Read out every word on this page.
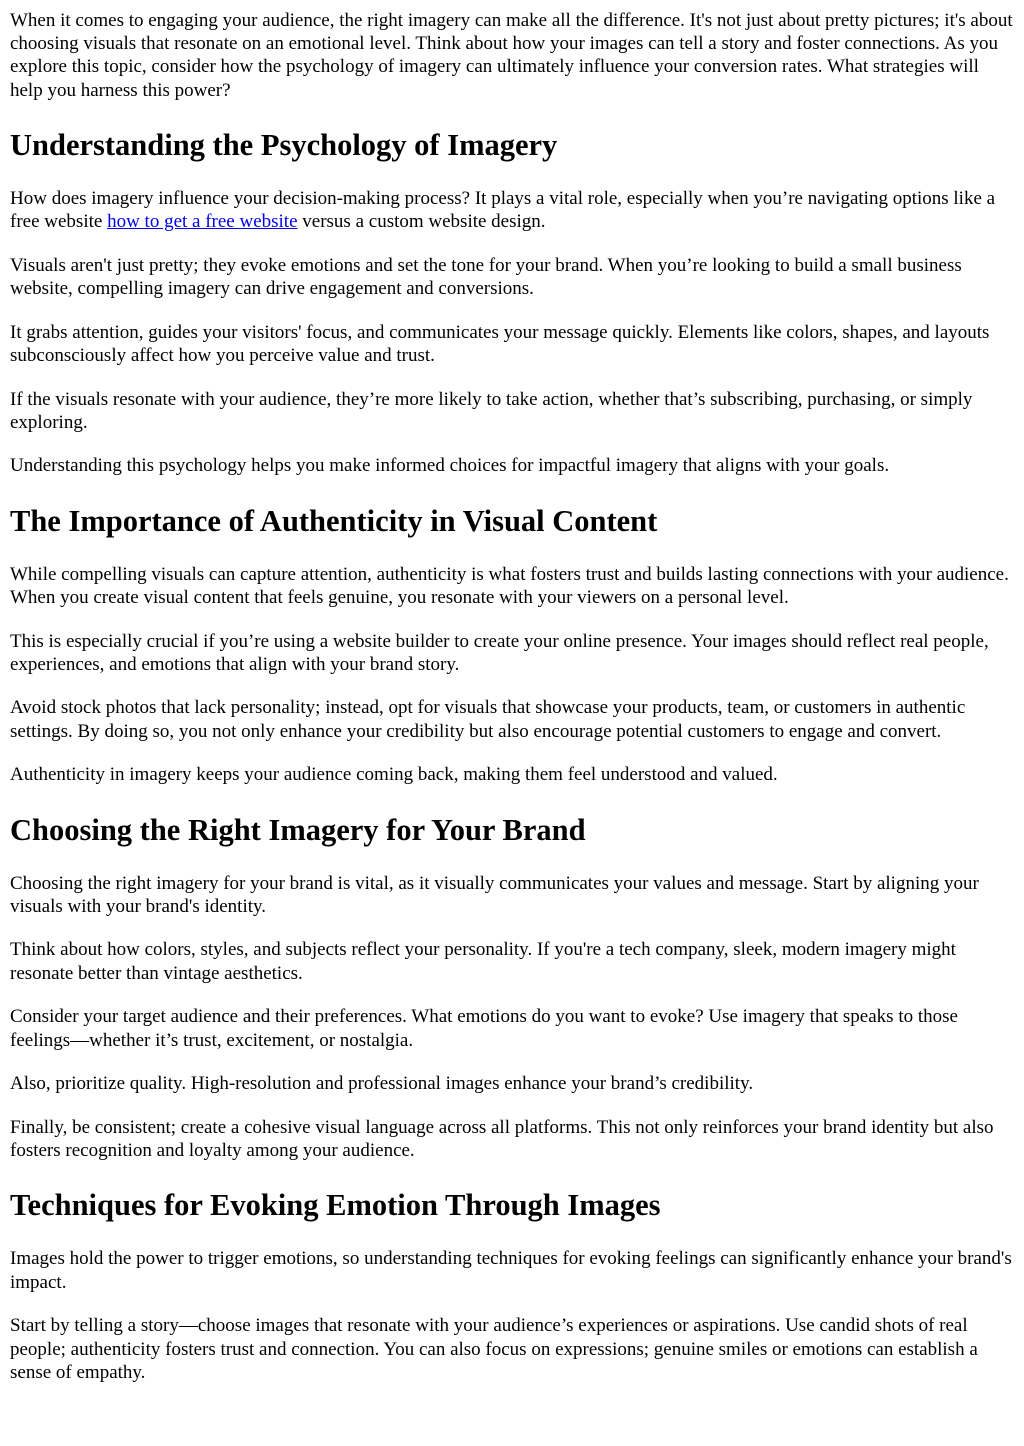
When it comes to engaging your audience, the right imagery can make all the difference. It's not just about pretty pictures; it's about choosing visuals that resonate on an emotional level. Think about how your images can tell a story and foster connections. As you explore this topic, consider how the psychology of imagery can ultimately influence your conversion rates. What strategies will help you harness this power?

Understanding the Psychology of Imagery

How does imagery influence your decision-making process? It plays a vital role, especially when you’re navigating options like a free website how to get a free website versus a custom website design.

Visuals aren't just pretty; they evoke emotions and set the tone for your brand. When you’re looking to build a small business website, compelling imagery can drive engagement and conversions.

It grabs attention, guides your visitors' focus, and communicates your message quickly. Elements like colors, shapes, and layouts subconsciously affect how you perceive value and trust.

If the visuals resonate with your audience, they’re more likely to take action, whether that’s subscribing, purchasing, or simply exploring.

Understanding this psychology helps you make informed choices for impactful imagery that aligns with your goals.

The Importance of Authenticity in Visual Content

While compelling visuals can capture attention, authenticity is what fosters trust and builds lasting connections with your audience. When you create visual content that feels genuine, you resonate with your viewers on a personal level.

This is especially crucial if you’re using a website builder to create your online presence. Your images should reflect real people, experiences, and emotions that align with your brand story.

Avoid stock photos that lack personality; instead, opt for visuals that showcase your products, team, or customers in authentic settings. By doing so, you not only enhance your credibility but also encourage potential customers to engage and convert.

Authenticity in imagery keeps your audience coming back, making them feel understood and valued.

Choosing the Right Imagery for Your Brand

Choosing the right imagery for your brand is vital, as it visually communicates your values and message. Start by aligning your visuals with your brand's identity.

Think about how colors, styles, and subjects reflect your personality. If you're a tech company, sleek, modern imagery might resonate better than vintage aesthetics.

Consider your target audience and their preferences. What emotions do you want to evoke? Use imagery that speaks to those feelings—whether it’s trust, excitement, or nostalgia.

Also, prioritize quality. High-resolution and professional images enhance your brand’s credibility.

Finally, be consistent; create a cohesive visual language across all platforms. This not only reinforces your brand identity but also fosters recognition and loyalty among your audience.

Techniques for Evoking Emotion Through Images

Images hold the power to trigger emotions, so understanding techniques for evoking feelings can significantly enhance your brand's impact.

Start by telling a story—choose images that resonate with your audience’s experiences or aspirations. Use candid shots of real people; authenticity fosters trust and connection. You can also focus on expressions; genuine smiles or emotions can establish a sense of empathy.
